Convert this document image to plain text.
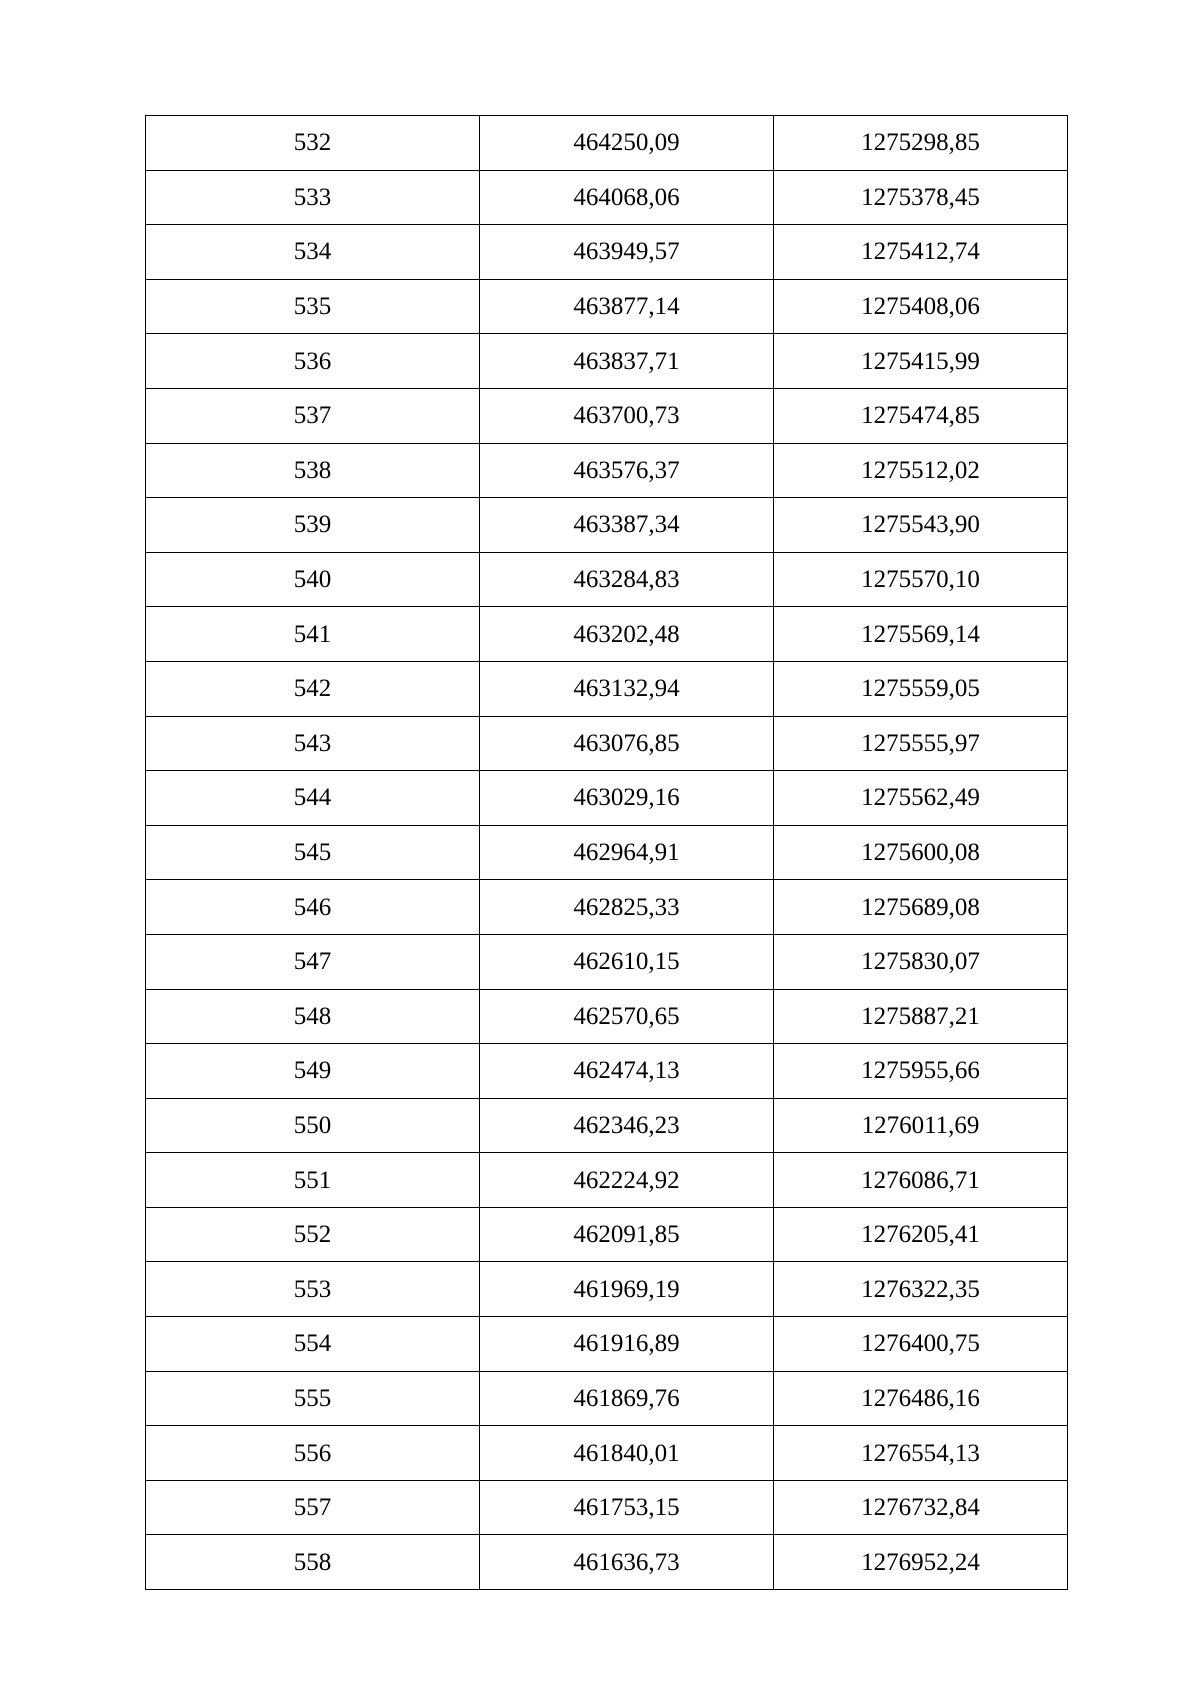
532	464250,09	1275298,85
533	464068,06	1275378,45
534	463949,57	1275412,74
535	463877,14	1275408,06
536	463837,71	1275415,99
537	463700,73	1275474,85
538	463576,37	1275512,02
539	463387,34	1275543,90
540	463284,83	1275570,10
541	463202,48	1275569,14
542	463132,94	1275559,05
543	463076,85	1275555,97
544	463029,16	1275562,49
545	462964,91	1275600,08
546	462825,33	1275689,08
547	462610,15	1275830,07
548	462570,65	1275887,21
549	462474,13	1275955,66
550	462346,23	1276011,69
551	462224,92	1276086,71
552	462091,85	1276205,41
553	461969,19	1276322,35
554	461916,89	1276400,75
555	461869,76	1276486,16
556	461840,01	1276554,13
557	461753,15	1276732,84
558	461636,73	1276952,24
